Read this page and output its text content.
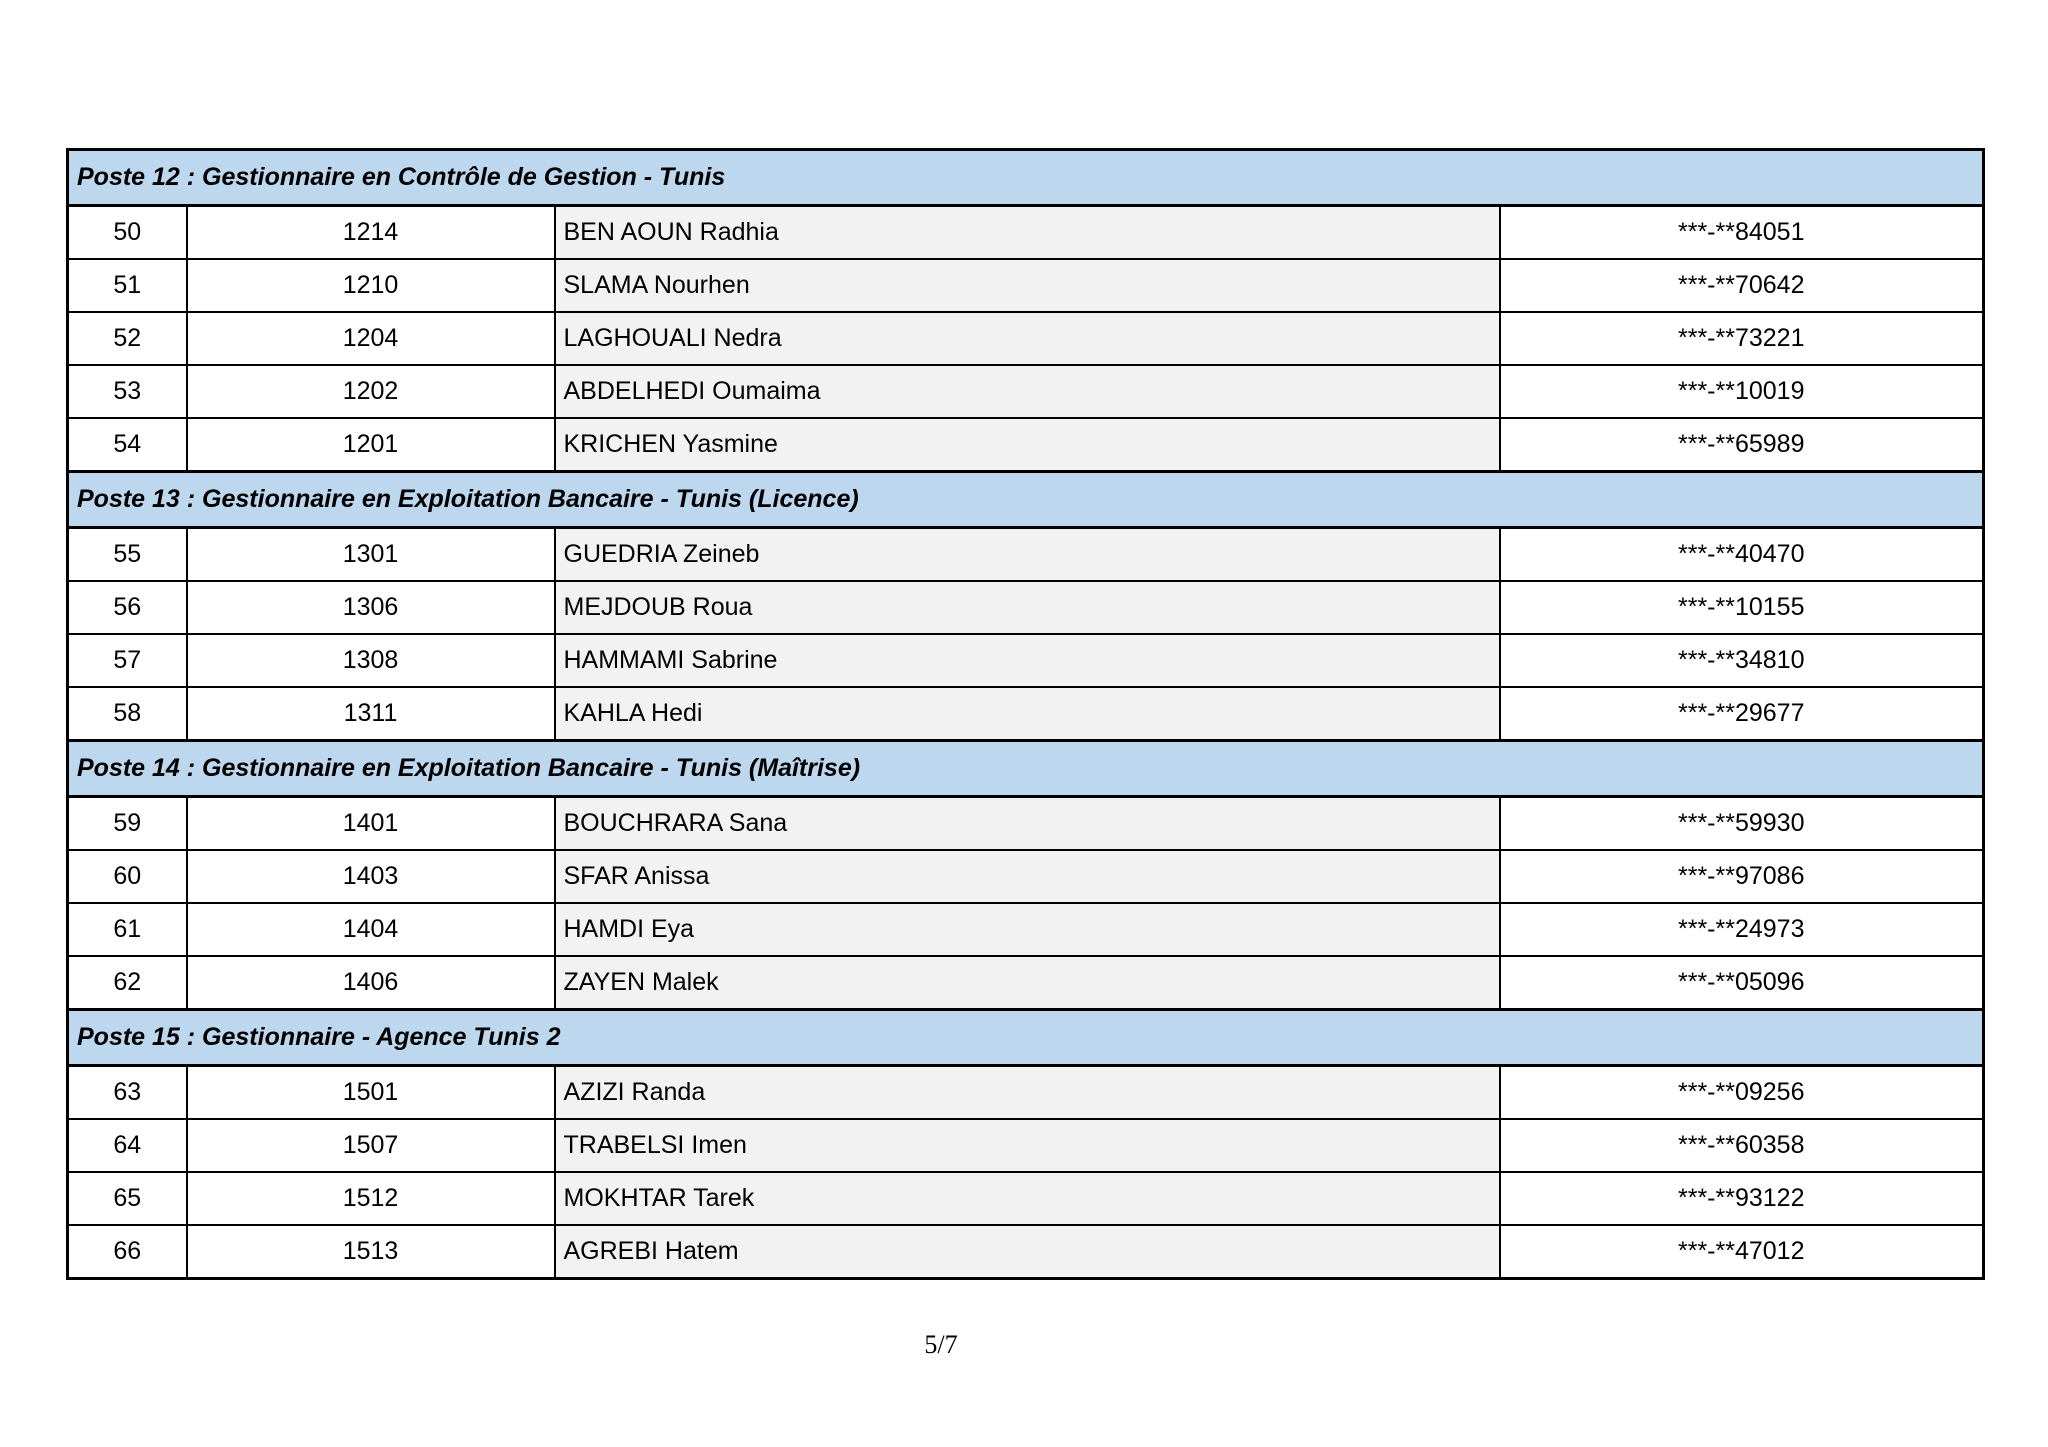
Poste 12 : Gestionnaire en Contrôle de Gestion - Tunis			
50	1214	BEN AOUN Radhia	***-**84051
51	1210	SLAMA Nourhen	***-**70642
52	1204	LAGHOUALI Nedra	***-**73221
53	1202	ABDELHEDI Oumaima	***-**10019
54	1201	KRICHEN Yasmine	***-**65989
Poste 13 : Gestionnaire en Exploitation Bancaire - Tunis (Licence)			
55	1301	GUEDRIA Zeineb	***-**40470
56	1306	MEJDOUB Roua	***-**10155
57	1308	HAMMAMI Sabrine	***-**34810
58	1311	KAHLA Hedi	***-**29677
Poste 14 : Gestionnaire en Exploitation Bancaire - Tunis (Maîtrise)			
59	1401	BOUCHRARA Sana	***-**59930
60	1403	SFAR Anissa	***-**97086
61	1404	HAMDI Eya	***-**24973
62	1406	ZAYEN Malek	***-**05096
Poste 15 : Gestionnaire - Agence Tunis 2			
63	1501	AZIZI Randa	***-**09256
64	1507	TRABELSI Imen	***-**60358
65	1512	MOKHTAR Tarek	***-**93122
66	1513	AGREBI Hatem	***-**47012
5/7
